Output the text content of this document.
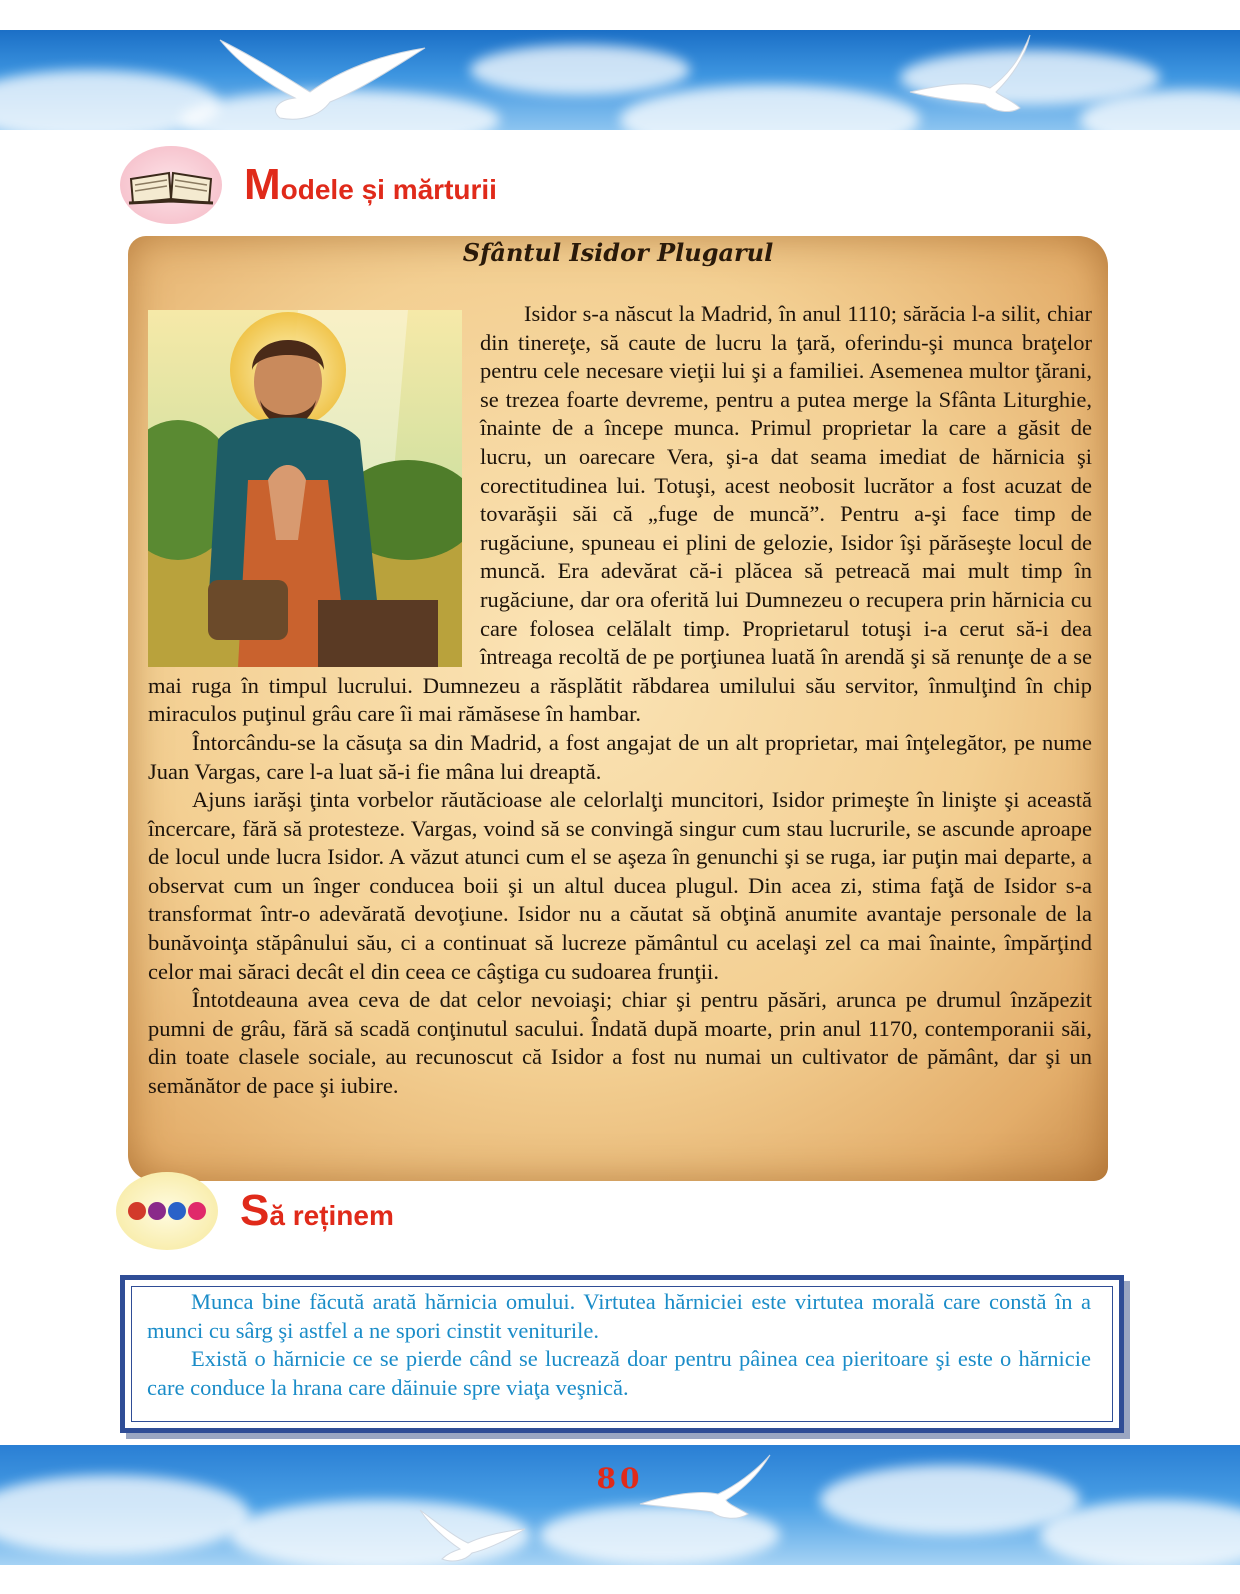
Modele și mărturii
Sfântul Isidor Plugarul

Isidor s-a născut la Madrid, în anul 1110; sărăcia l-a silit, chiar din tinereţe, să caute de lucru la ţară, oferindu-şi munca braţelor pentru cele necesare vieţii lui şi a familiei. Asemenea multor ţărani, se trezea foarte devreme, pentru a putea merge la Sfânta Liturghie, înainte de a începe munca. Primul proprietar la care a găsit de lucru, un oarecare Vera, şi-a dat seama imediat de hărnicia şi corectitudinea lui. Totuşi, acest neobosit lucrător a fost acuzat de tovarăşii săi că „fuge de muncă”. Pentru a-şi face timp de rugăciune, spuneau ei plini de gelozie, Isidor îşi părăseşte locul de muncă. Era adevărat că-i plăcea să petreacă mai mult timp în rugăciune, dar ora oferită lui Dumnezeu o recupera prin hărnicia cu care folosea celălalt timp. Proprietarul totuşi i-a cerut să-i dea întreaga recoltă de pe porţiunea luată în arendă şi să renunţe de a se mai ruga în timpul lucrului. Dumnezeu a răsplătit răbdarea umilului său servitor, înmulţind în chip miraculos puţinul grâu care îi mai rămăsese în hambar.

Întorcându-se la căsuţa sa din Madrid, a fost angajat de un alt proprietar, mai înţelegător, pe nume Juan Vargas, care l-a luat să-i fie mâna lui dreaptă.

Ajuns iarăşi ţinta vorbelor răutăcioase ale celorlalţi muncitori, Isidor primeşte în linişte şi această încercare, fără să protesteze. Vargas, voind să se convingă singur cum stau lucrurile, se ascunde aproape de locul unde lucra Isidor. A văzut atunci cum el se aşeza în genunchi şi se ruga, iar puţin mai departe, a observat cum un înger conducea boii şi un altul ducea plugul. Din acea zi, stima faţă de Isidor s-a transformat într-o adevărată devoţiune. Isidor nu a căutat să obţină anumite avantaje personale de la bunăvoinţa stăpânului său, ci a continuat să lucreze pământul cu acelaşi zel ca mai înainte, împărţind celor mai săraci decât el din ceea ce câştiga cu sudoarea frunţii.

Întotdeauna avea ceva de dat celor nevoiaşi; chiar şi pentru păsări, arunca pe drumul înzăpezit pumni de grâu, fără să scadă conţinutul sacului. Îndată după moarte, prin anul 1170, contemporanii săi, din toate clasele sociale, au recunoscut că Isidor a fost nu numai un cultivator de pământ, dar şi un semănător de pace şi iubire.

Să reținem

Munca bine făcută arată hărnicia omului. Virtutea hărniciei este virtutea morală care constă în a munci cu sârg şi astfel a ne spori cinstit veniturile.

Există o hărnicie ce se pierde când se lucrează doar pentru pâinea cea pieritoare şi este o hărnicie care conduce la hrana care dăinuie spre viaţa veşnică.

80
